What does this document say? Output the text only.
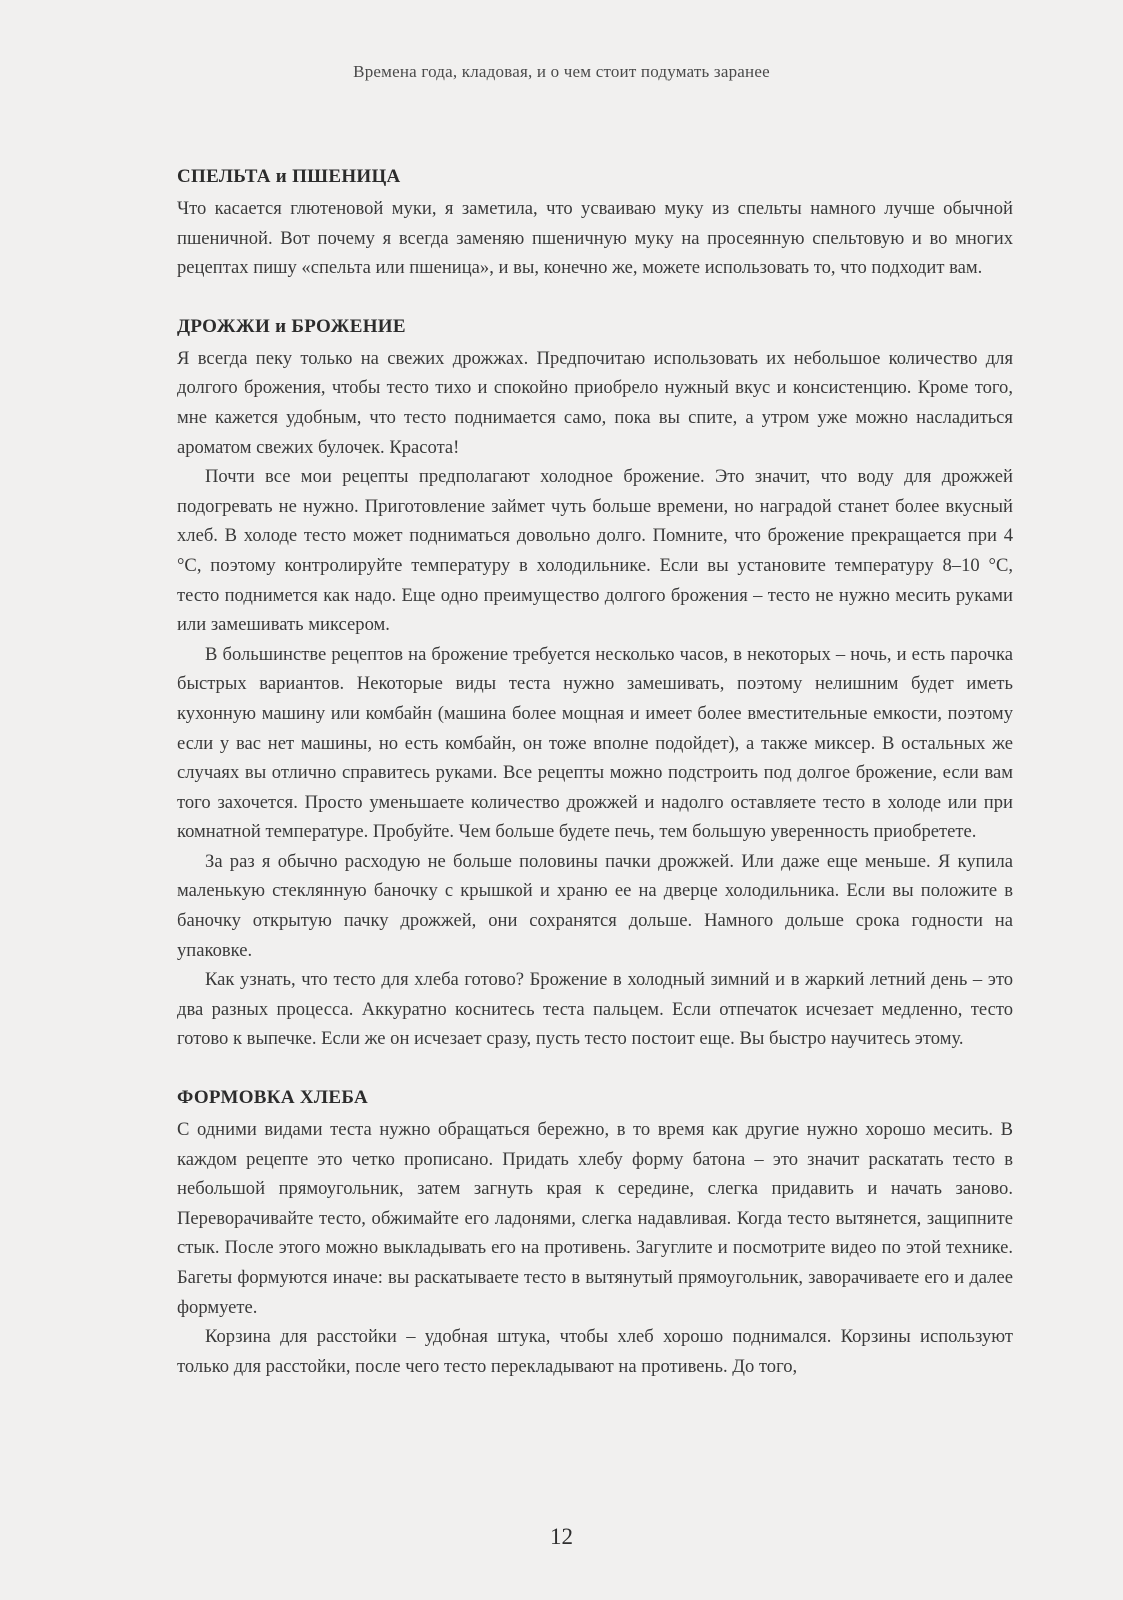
Времена года, кладовая, и о чем стоит подумать заранее
СПЕЛЬТА и ПШЕНИЦА

Что касается глютеновой муки, я заметила, что усваиваю муку из спельты намного лучше обычной пшеничной. Вот почему я всегда заменяю пшеничную муку на просеянную спельтовую и во многих рецептах пишу «спельта или пшеница», и вы, конечно же, можете использовать то, что подходит вам.

ДРОЖЖИ и БРОЖЕНИЕ

Я всегда пеку только на свежих дрожжах. Предпочитаю использовать их небольшое количество для долгого брожения, чтобы тесто тихо и спокойно приобрело нужный вкус и консистенцию. Кроме того, мне кажется удобным, что тесто поднимается само, пока вы спите, а утром уже можно насладиться ароматом свежих булочек. Красота!

Почти все мои рецепты предполагают холодное брожение. Это значит, что воду для дрожжей подогревать не нужно. Приготовление займет чуть больше времени, но наградой станет более вкусный хлеб. В холоде тесто может подниматься довольно долго. Помните, что брожение прекращается при 4 °С, поэтому контролируйте температуру в холодильнике. Если вы установите температуру 8–10 °С, тесто поднимется как надо. Еще одно преимущество долгого брожения – тесто не нужно месить руками или замешивать миксером.

В большинстве рецептов на брожение требуется несколько часов, в некоторых – ночь, и есть парочка быстрых вариантов. Некоторые виды теста нужно замешивать, поэтому нелишним будет иметь кухонную машину или комбайн (машина более мощная и имеет более вместительные емкости, поэтому если у вас нет машины, но есть комбайн, он тоже вполне подойдет), а также миксер. В остальных же случаях вы отлично справитесь руками. Все рецепты можно подстроить под долгое брожение, если вам того захочется. Просто уменьшаете количество дрожжей и надолго оставляете тесто в холоде или при комнатной температуре. Пробуйте. Чем больше будете печь, тем большую уверенность приобретете.

За раз я обычно расходую не больше половины пачки дрожжей. Или даже еще меньше. Я купила маленькую стеклянную баночку с крышкой и храню ее на дверце холодильника. Если вы положите в баночку открытую пачку дрожжей, они сохранятся дольше. Намного дольше срока годности на упаковке.

Как узнать, что тесто для хлеба готово? Брожение в холодный зимний и в жаркий летний день – это два разных процесса. Аккуратно коснитесь теста пальцем. Если отпечаток исчезает медленно, тесто готово к выпечке. Если же он исчезает сразу, пусть тесто постоит еще. Вы быстро научитесь этому.

ФОРМОВКА ХЛЕБА

С одними видами теста нужно обращаться бережно, в то время как другие нужно хорошо месить. В каждом рецепте это четко прописано. Придать хлебу форму батона – это значит раскатать тесто в небольшой прямоугольник, затем загнуть края к середине, слегка придавить и начать заново. Переворачивайте тесто, обжимайте его ладонями, слегка надавливая. Когда тесто вытянется, защипните стык. После этого можно выкладывать его на противень. Загуглите и посмотрите видео по этой технике. Багеты формуются иначе: вы раскатываете тесто в вытянутый прямоугольник, заворачиваете его и далее формуете.

Корзина для расстойки – удобная штука, чтобы хлеб хорошо поднимался. Корзины используют только для расстойки, после чего тесто перекладывают на противень. До того,

12
